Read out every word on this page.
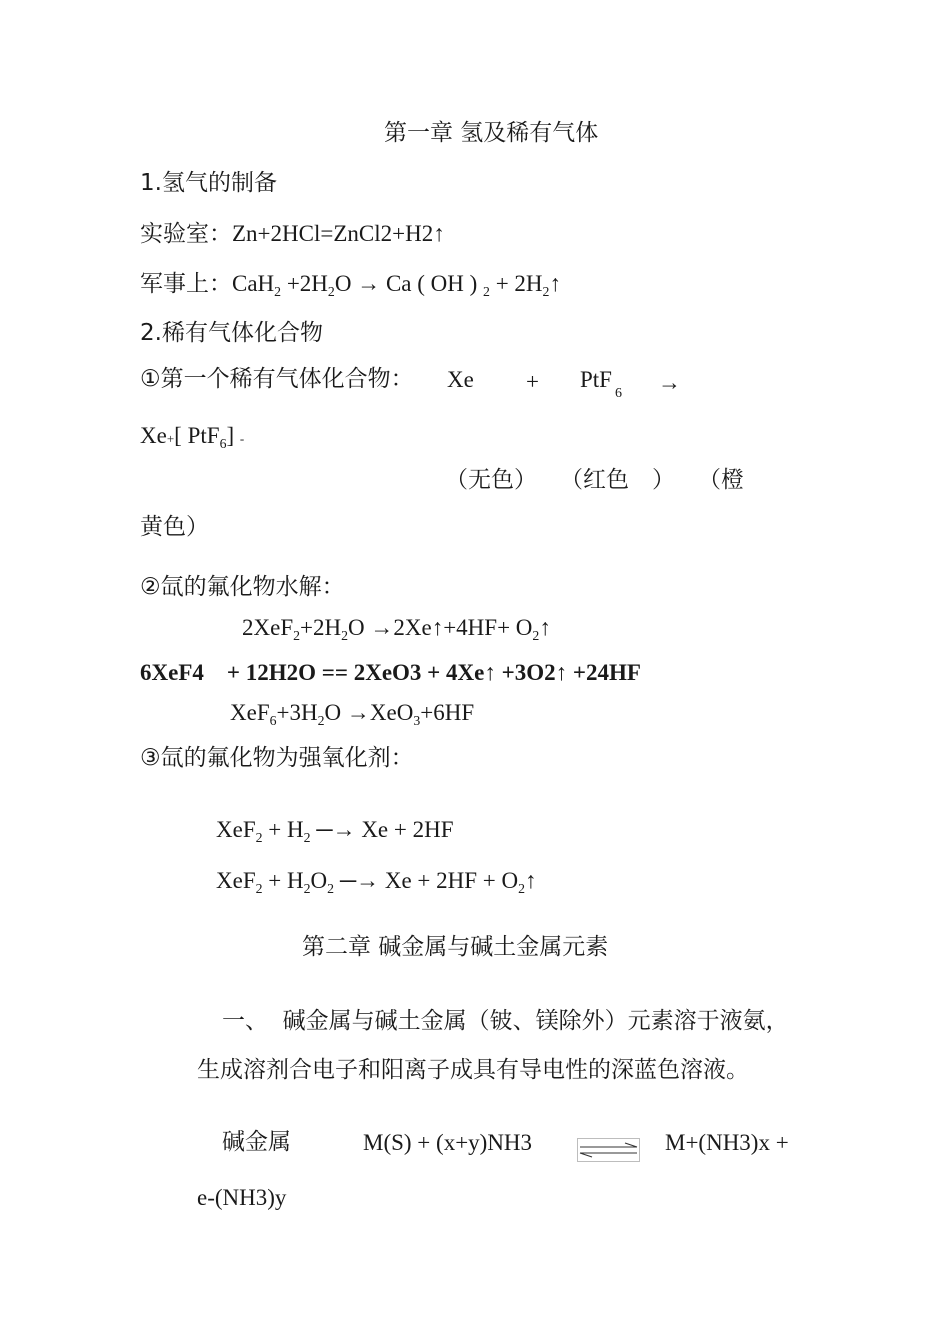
第一章 氢及稀有气体
1.氢气的制备
实验室：Zn+2HCl=ZnCl2+H2↑
军事上：$CaH_2 +2H_2O \to Ca$ ( OH ) $_2 + 2H_2↑$
2.稀有气体化合物
①第一个稀有气体化合物： Xe + PtF
6 →
Xe+[ PtF$_6$] -
（无色）　　（红色　）　　（橙
黄色）
②氙的氟化物水解：
$2XeF_2+2H_2O$ →2Xe↑+4HF+ $O_2↑$
6XeF4    + 12H2O == 2XeO3 + 4Xe↑ +3O2↑ +24HF
$XeF_6+3H_2O \to XeO_3+6HF$
③氙的氟化物为强氧化剂：
$XeF_2 + H_2$ ─→ Xe + 2HF
$XeF_2 + H_2O_2$ ─→ $Xe + 2HF + O_2↑$
第二章 碱金属与碱土金属元素
一、  碱金属与碱土金属（铍、镁除外）元素溶于液氨，
生成溶剂合电子和阳离子成具有导电性的深蓝色溶液。
碱金属	M(S) + (x+y)NH3	M+(NH3)x +
e-(NH3)y
